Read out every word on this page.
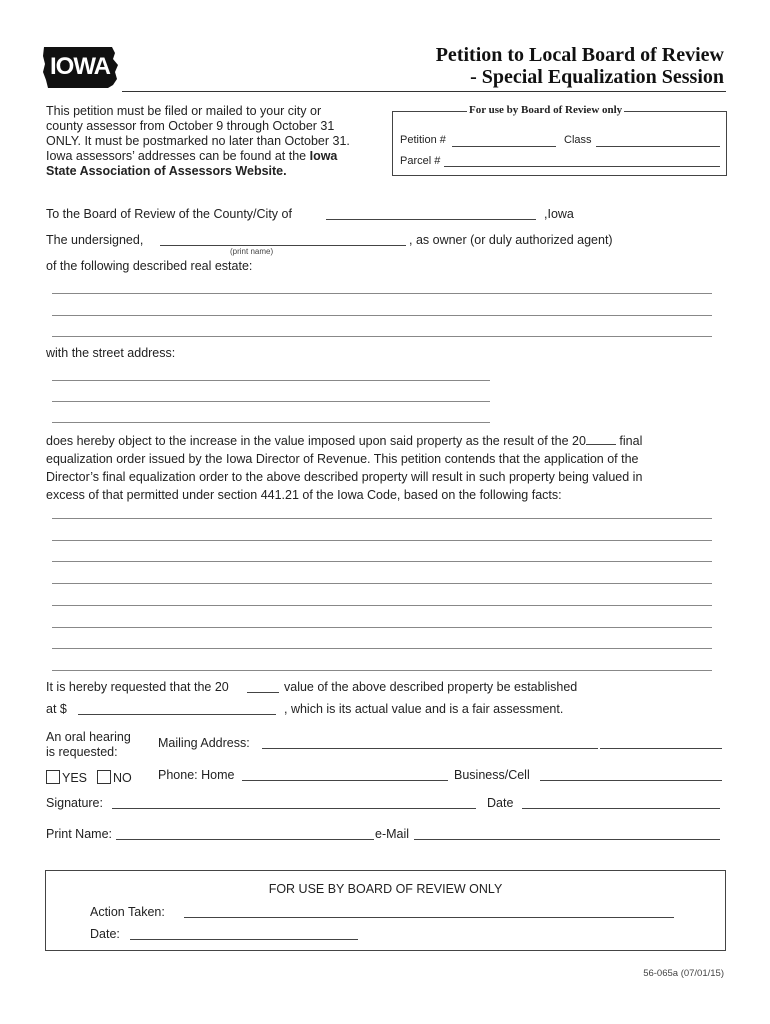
IOWA	Petition to Local Board of Review
- Special Equalization Session
This petition must be filed or mailed to your city or
county assessor from October 9 through October 31
ONLY. It must be postmarked no later than October 31.
Iowa assessors’ addresses can be found at the Iowa
State Association of Assessors Website.
For use by Board of Review only
Petition #	Class
Parcel #
To the Board of Review of the County/City of	,Iowa
The undersigned,
(print name)
, as owner (or duly authorized agent)
of the following described real estate:
with the street address:
does hereby object to the increase in the value imposed upon said property as the result of the 20	final
equalization order issued by the Iowa Director of Revenue. This petition contends that the application of the
Director’s final equalization order to the above described property will result in such property being valued in
excess of that permitted under section 441.21 of the Iowa Code, based on the following facts:
It is hereby requested that the 20	value of the above described property be established
at $	, which is its actual value and is a fair assessment.
An oral hearing
is requested:
Mailing Address:
YES NO Phone: Home	Business/Cell
Signature:	Date
Print Name:	e-Mail
FOR USE BY BOARD OF REVIEW ONLY
Action Taken:
Date:
56-065a (07/01/15)
